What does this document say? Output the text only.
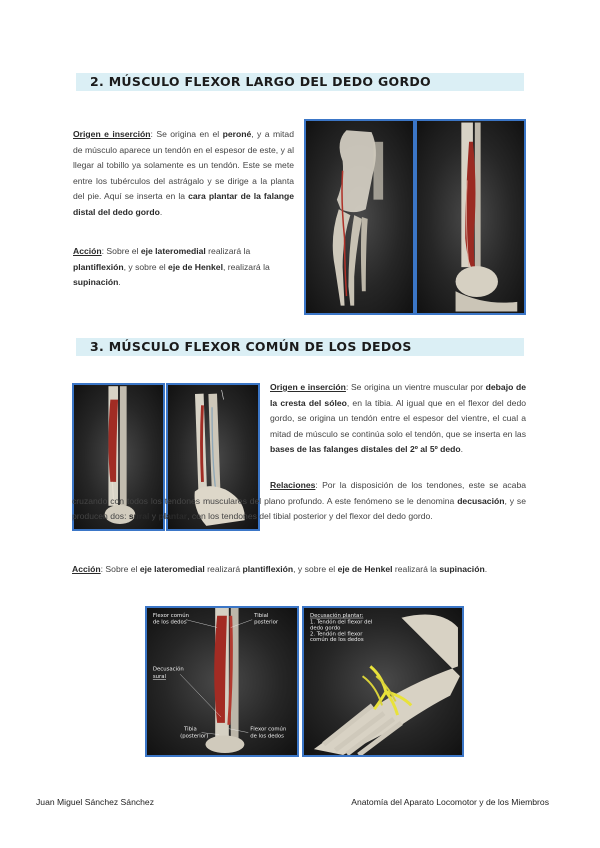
2. MÚSCULO FLEXOR LARGO DEL DEDO GORDO
Origen e inserción: Se origina en el peroné, y a mitad de músculo aparece un tendón en el espesor de este, y al llegar al tobillo ya solamente es un tendón. Este se mete entre los tubérculos del astrágalo y se dirige a la planta del pie. Aquí se inserta en la cara plantar de la falange distal del dedo gordo.
Acción: Sobre el eje lateromedial realizará la plantiflexión, y sobre el eje de Henkel, realizará la supinación.
3. MÚSCULO FLEXOR COMÚN DE LOS DEDOS
Origen e inserción: Se origina un vientre muscular por debajo de la cresta del sóleo, en la tibia. Al igual que en el flexor del dedo gordo, se origina un tendón entre el espesor del vientre, el cual a mitad de músculo se continúa solo el tendón, que se inserta en las bases de las falanges distales del 2º al 5º dedo.
Relaciones: Por la disposición de los tendones, este se acaba cruzando con todos los tendones musculares del plano profundo. A este fenómeno se le denomina decusación, y se producen dos: sural y plantar, con los tendones del tibial posterior y del flexor del dedo gordo.
Acción: Sobre el eje lateromedial realizará plantiflexión, y sobre el eje de Henkel realizará la supinación.
Flexor común
de los dedos
Tibial
posterior
Decusación
sural
Tibia
(posterior)
Flexor común
de los dedos
Decusación plantar:
1. Tendón del flexor del
dedo gordo
2. Tendón del flexor
común de los dedos
Juan Miguel Sánchez Sánchez	Anatomía del Aparato Locomotor y de los Miembros
